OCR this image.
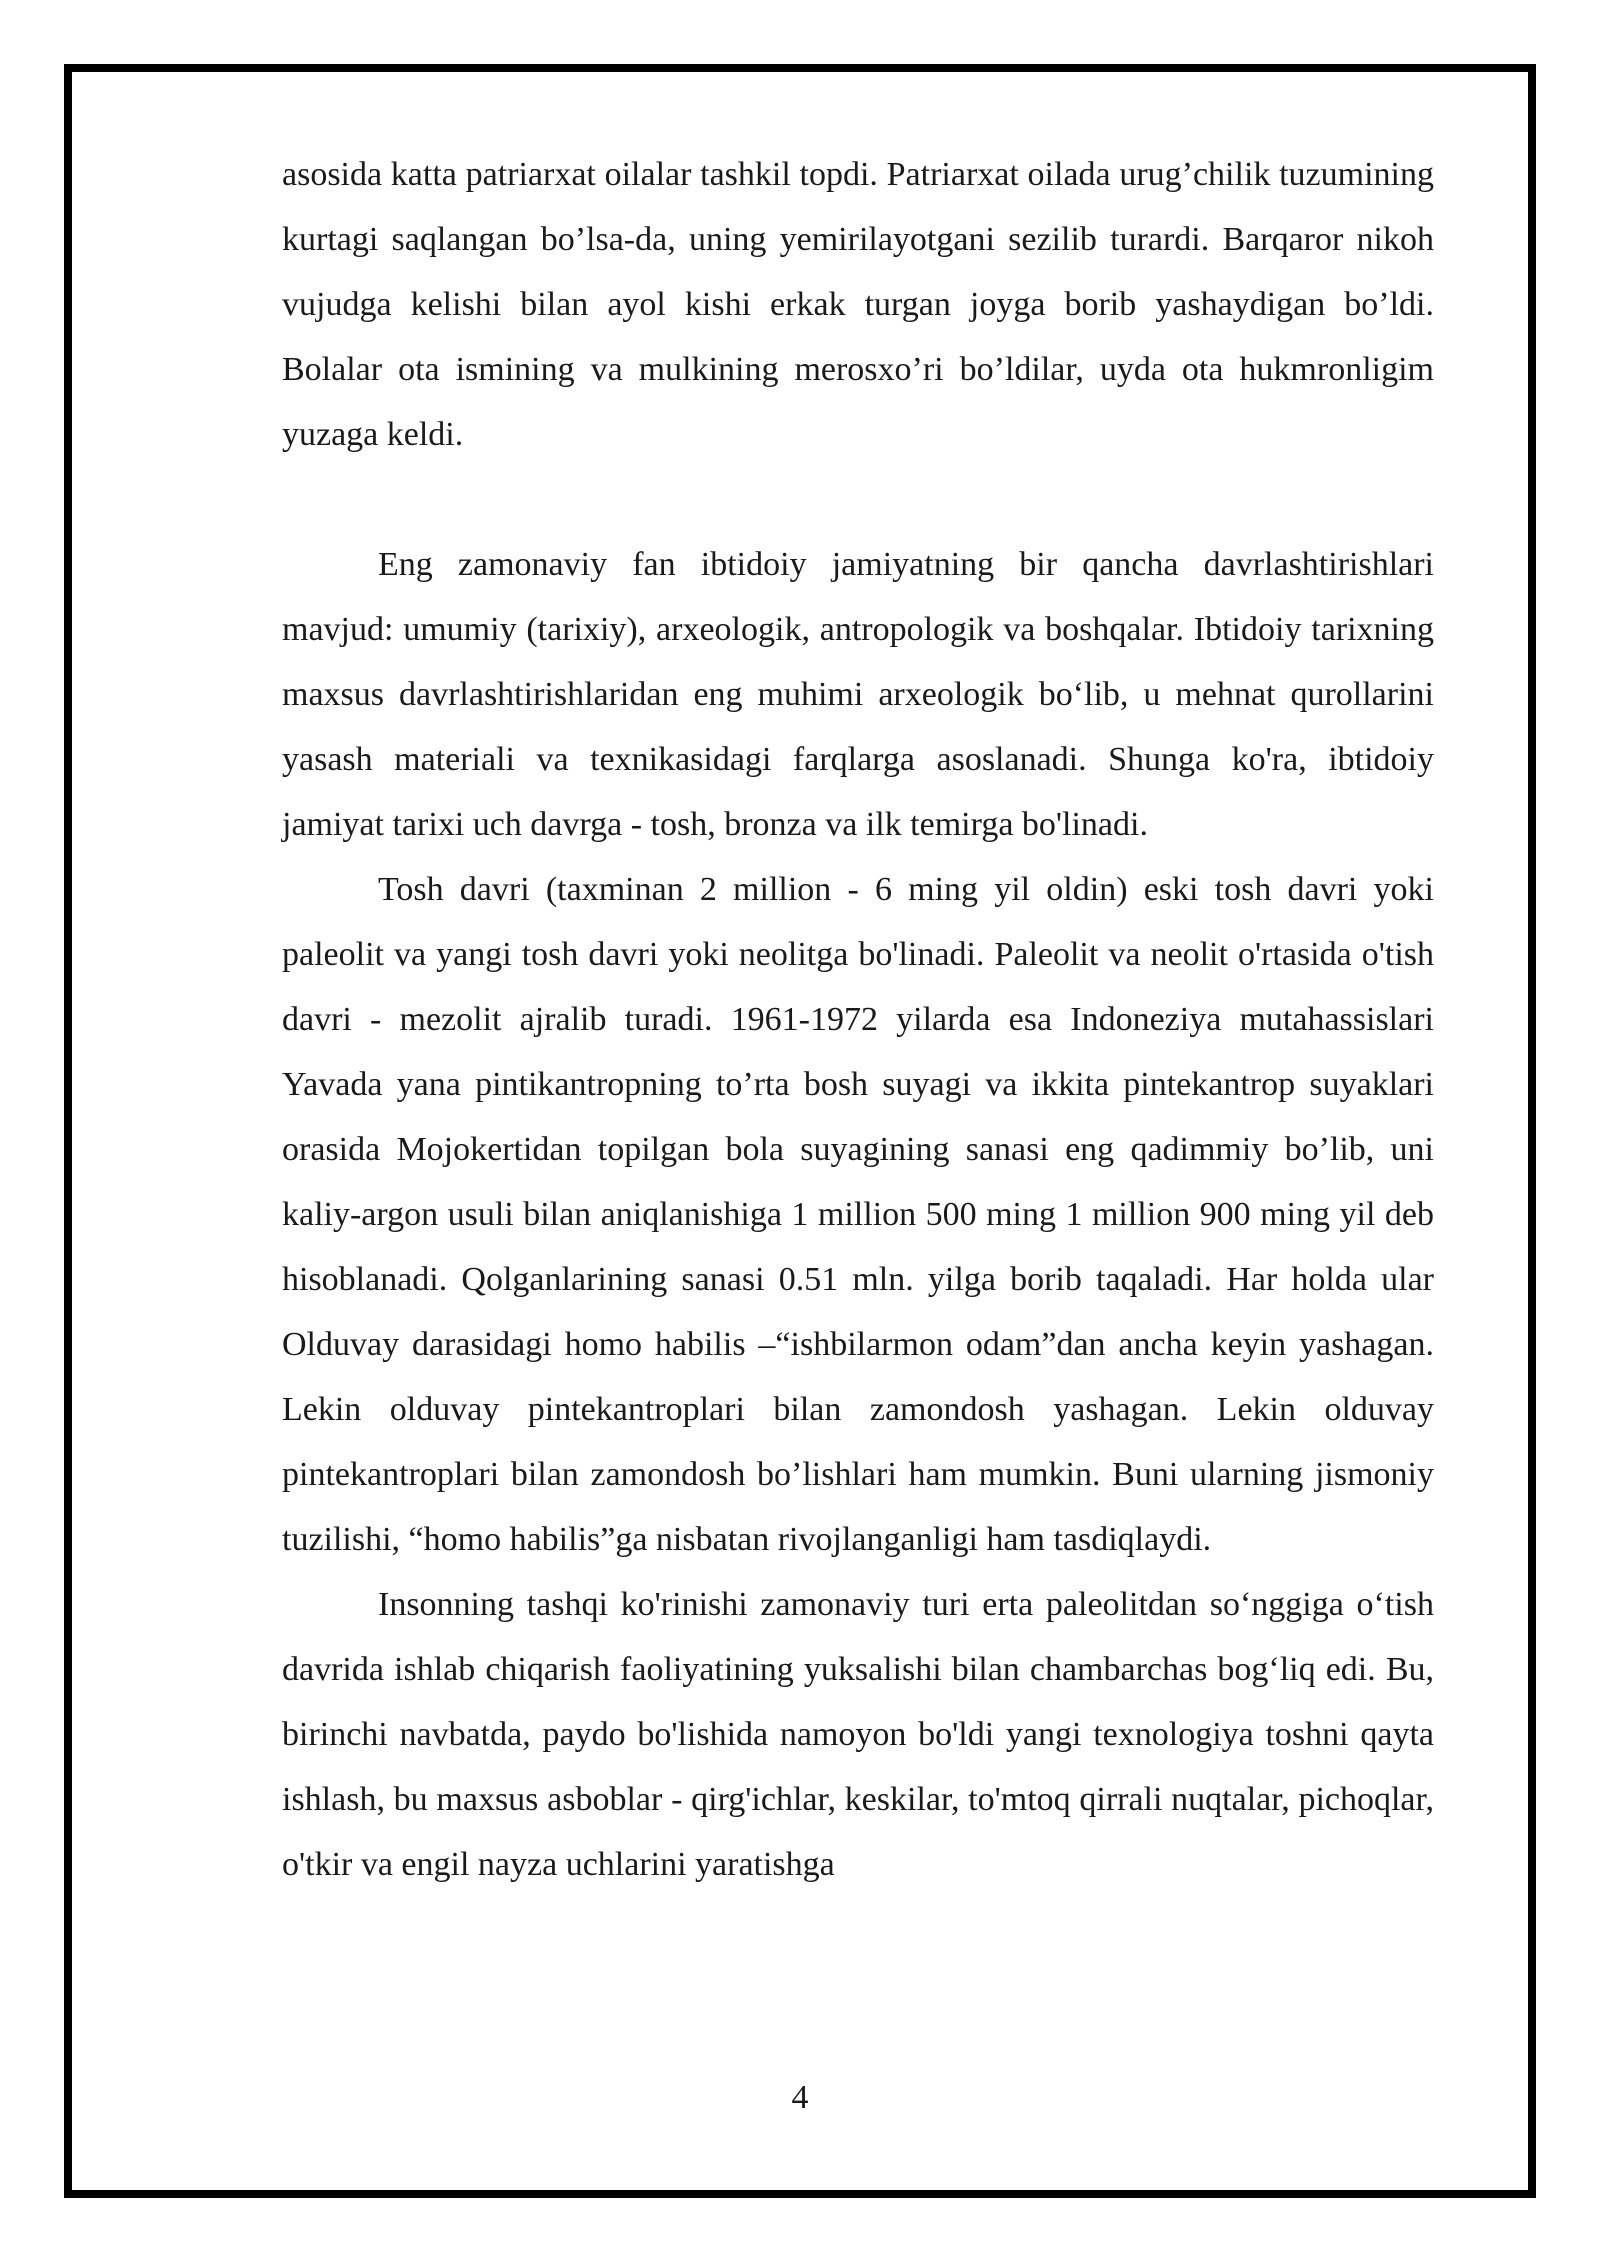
asosida katta patriarxat oilalar tashkil topdi. Patriarxat oilada urug’chilik tuzumining kurtagi saqlangan bo’lsa-da, uning yemirilayotgani sezilib turardi. Barqaror nikoh vujudga kelishi bilan ayol kishi erkak turgan joyga borib yashaydigan bo’ldi. Bolalar ota ismining va mulkining merosxo’ri bo’ldilar, uyda ota hukmronligim yuzaga keldi.

Eng zamonaviy fan ibtidoiy jamiyatning bir qancha davrlashtirishlari mavjud: umumiy (tarixiy), arxeologik, antropologik va boshqalar. Ibtidoiy tarixning maxsus davrlashtirishlaridan eng muhimi arxeologik bo‘lib, u mehnat qurollarini yasash materiali va texnikasidagi farqlarga asoslanadi. Shunga ko'ra, ibtidoiy jamiyat tarixi uch davrga - tosh, bronza va ilk temirga bo'linadi.

Tosh davri (taxminan 2 million - 6 ming yil oldin) eski tosh davri yoki paleolit va yangi tosh davri yoki neolitga bo'linadi. Paleolit va neolit o'rtasida o'tish davri - mezolit ajralib turadi. 1961-1972 yilarda esa Indoneziya mutahassislari Yavada yana pintikantropning to’rta bosh suyagi va ikkita pintekantrop suyaklari orasida Mojokertidan topilgan bola suyagining sanasi eng qadimmiy bo’lib, uni kaliy-argon usuli bilan aniqlanishiga 1 million 500 ming 1 million 900 ming yil deb hisoblanadi. Qolganlarining sanasi 0.51 mln. yilga borib taqaladi. Har holda ular Olduvay darasidagi homo habilis –“ishbilarmon odam”dan ancha keyin yashagan. Lekin olduvay pintekantroplari bilan zamondosh yashagan. Lekin olduvay pintekantroplari bilan zamondosh bo’lishlari ham mumkin. Buni ularning jismoniy tuzilishi, “homo habilis”ga nisbatan rivojlanganligi ham tasdiqlaydi.

Insonning tashqi ko'rinishi zamonaviy turi erta paleolitdan so‘nggiga o‘tish davrida ishlab chiqarish faoliyatining yuksalishi bilan chambarchas bog‘liq edi. Bu, birinchi navbatda, paydo bo'lishida namoyon bo'ldi yangi texnologiya toshni qayta ishlash, bu maxsus asboblar - qirg'ichlar, keskilar, to'mtoq qirrali nuqtalar, pichoqlar, o'tkir va engil nayza uchlarini yaratishga

4
